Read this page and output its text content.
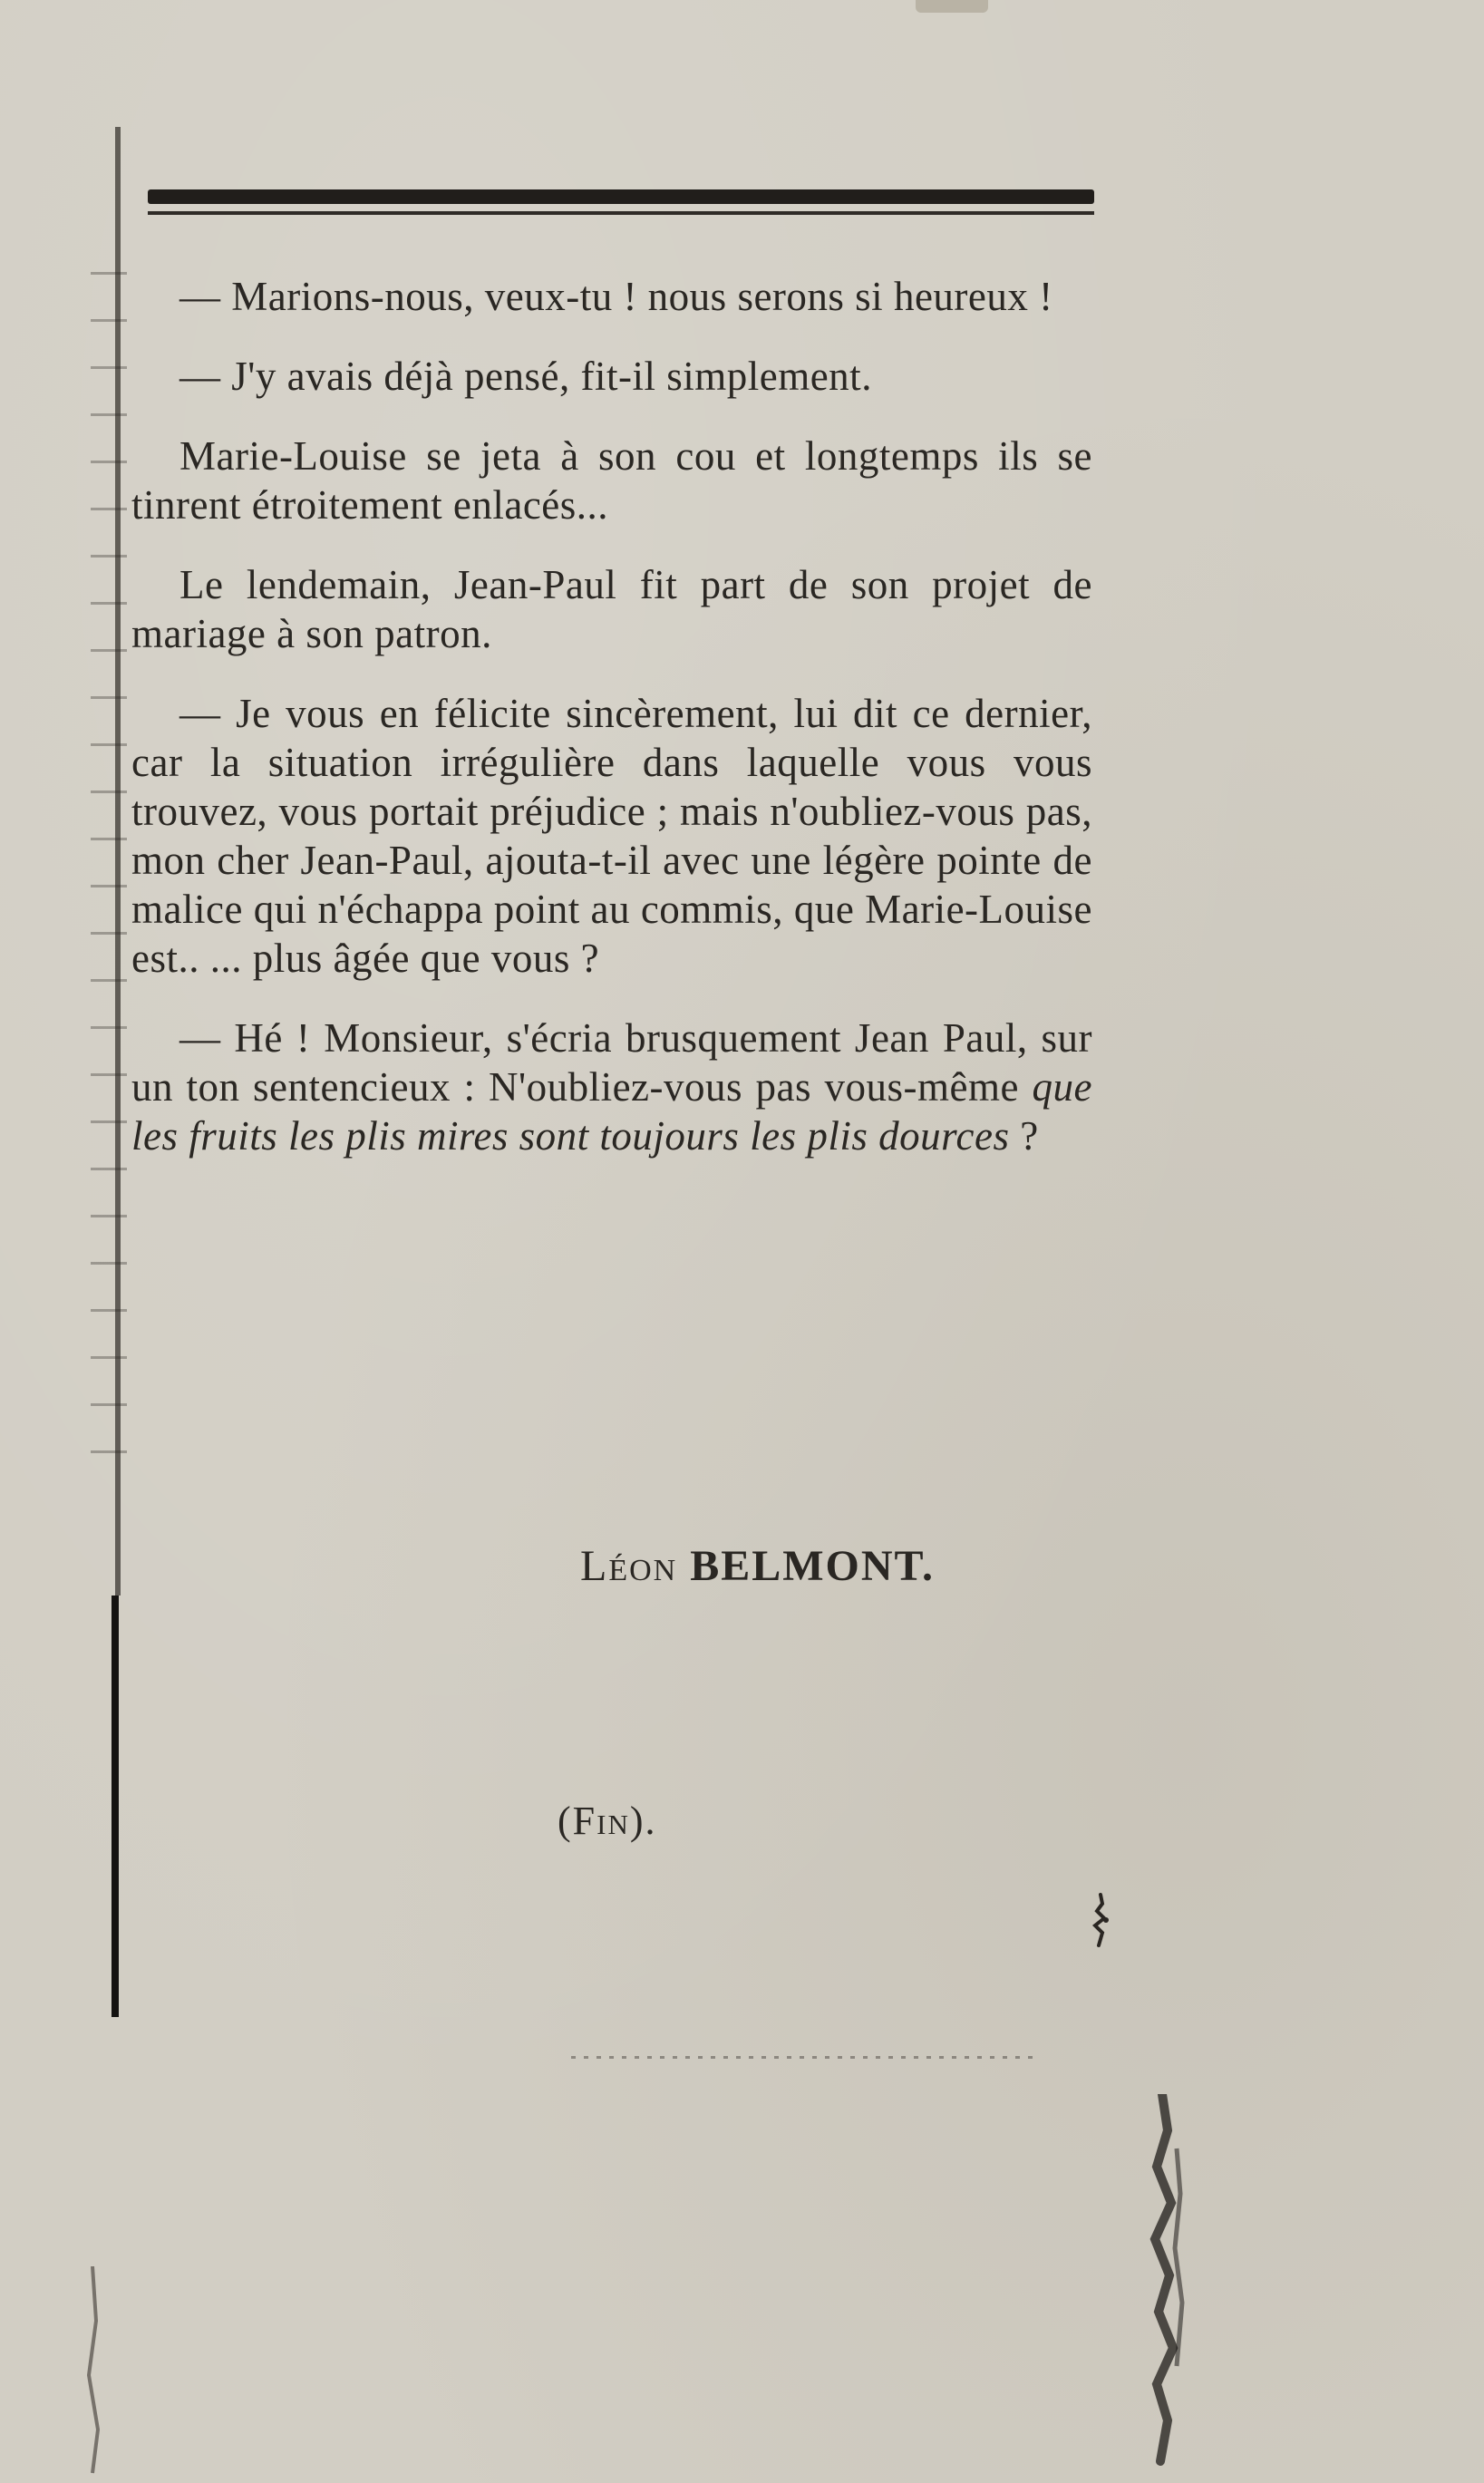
— Marions-nous, veux-tu ! nous serons si heureux !

— J'y avais déjà pensé, fit-il simplement.

Marie-Louise se jeta à son cou et longtemps ils se tinrent étroitement enlacés...

Le lendemain, Jean-Paul fit part de son projet de mariage à son patron.

— Je vous en félicite sincèrement, lui dit ce dernier, car la situation irrégulière dans laquelle vous vous trouvez, vous portait préjudice ; mais n'oubliez-vous pas, mon cher Jean-Paul, ajouta-t-il avec une légère pointe de malice qui n'échappa point au commis, que Marie-Louise est.. ... plus âgée que vous ?

— Hé ! Monsieur, s'écria brusquement Jean Paul, sur un ton sentencieux : N'oubliez-vous pas vous-même que les fruits les plis mires sont toujours les plis dources ?

Léon BELMONT.
(Fin).
